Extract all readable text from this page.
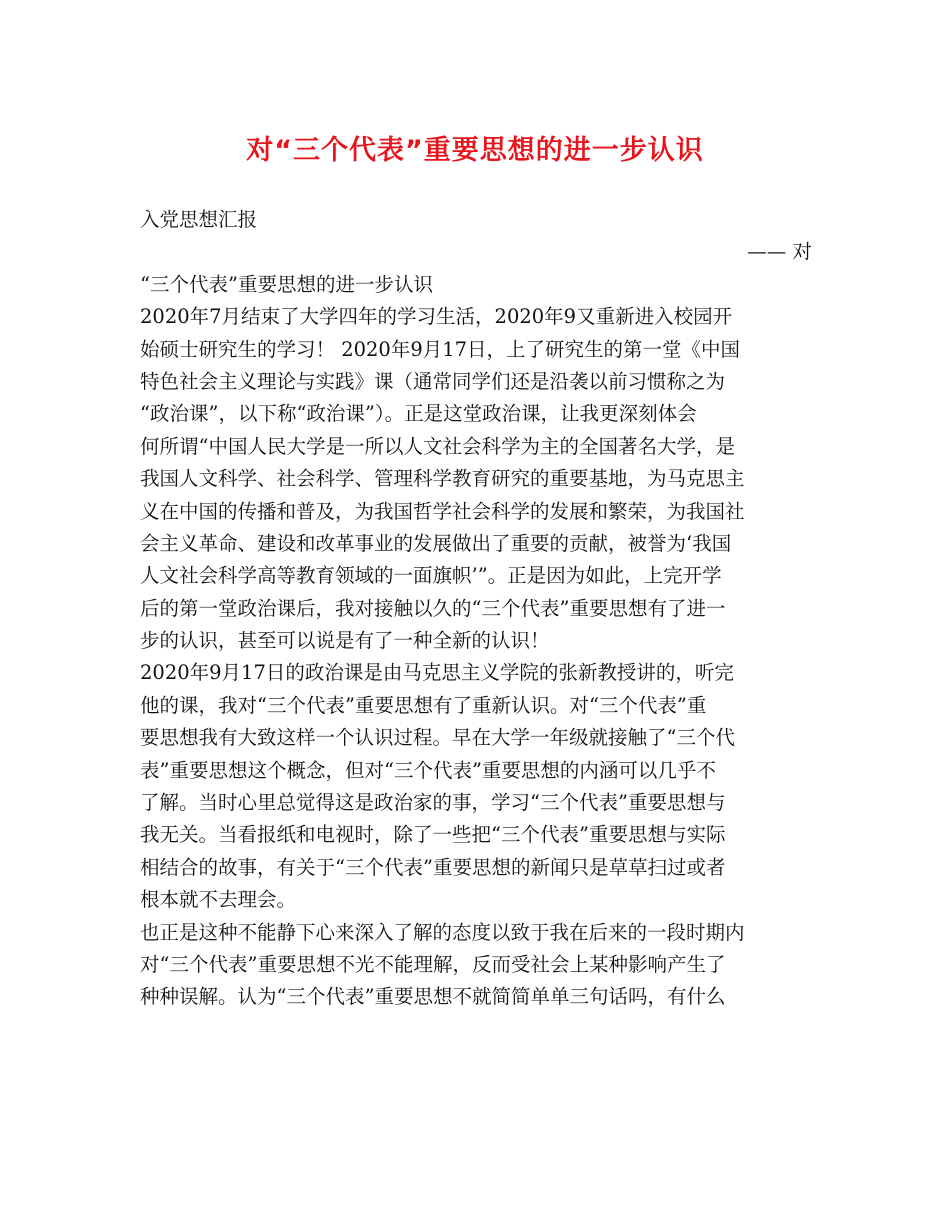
对“三个代表”重要思想的进一步认识
入党思想汇报
—— 对
“三个代表”重要思想的进一步认识
2020年7月结束了大学四年的学习生活，2020年9又重新进入校园开
始硕士研究生的学习！ 2020年9月17日，上了研究生的第一堂《中国
特色社会主义理论与实践》课（通常同学们还是沿袭以前习惯称之为
“政治课”，以下称“政治课”）。正是这堂政治课，让我更深刻体会
何所谓“中国人民大学是一所以人文社会科学为主的全国著名大学，是
我国人文科学、社会科学、管理科学教育研究的重要基地，为马克思主
义在中国的传播和普及，为我国哲学社会科学的发展和繁荣，为我国社
会主义革命、建设和改革事业的发展做出了重要的贡献，被誉为‘我国
人文社会科学高等教育领域的一面旗帜’”。正是因为如此，上完开学
后的第一堂政治课后，我对接触以久的“三个代表”重要思想有了进一
步的认识，甚至可以说是有了一种全新的认识！
2020年9月17日的政治课是由马克思主义学院的张新教授讲的，听完
他的课，我对“三个代表”重要思想有了重新认识。对“三个代表”重
要思想我有大致这样一个认识过程。早在大学一年级就接触了“三个代
表”重要思想这个概念，但对“三个代表”重要思想的内涵可以几乎不
了解。当时心里总觉得这是政治家的事，学习“三个代表”重要思想与
我无关。当看报纸和电视时，除了一些把“三个代表”重要思想与实际
相结合的故事，有关于“三个代表”重要思想的新闻只是草草扫过或者
根本就不去理会。
也正是这种不能静下心来深入了解的态度以致于我在后来的一段时期内
对“三个代表”重要思想不光不能理解，反而受社会上某种影响产生了
种种误解。认为“三个代表”重要思想不就简简单单三句话吗，有什么
